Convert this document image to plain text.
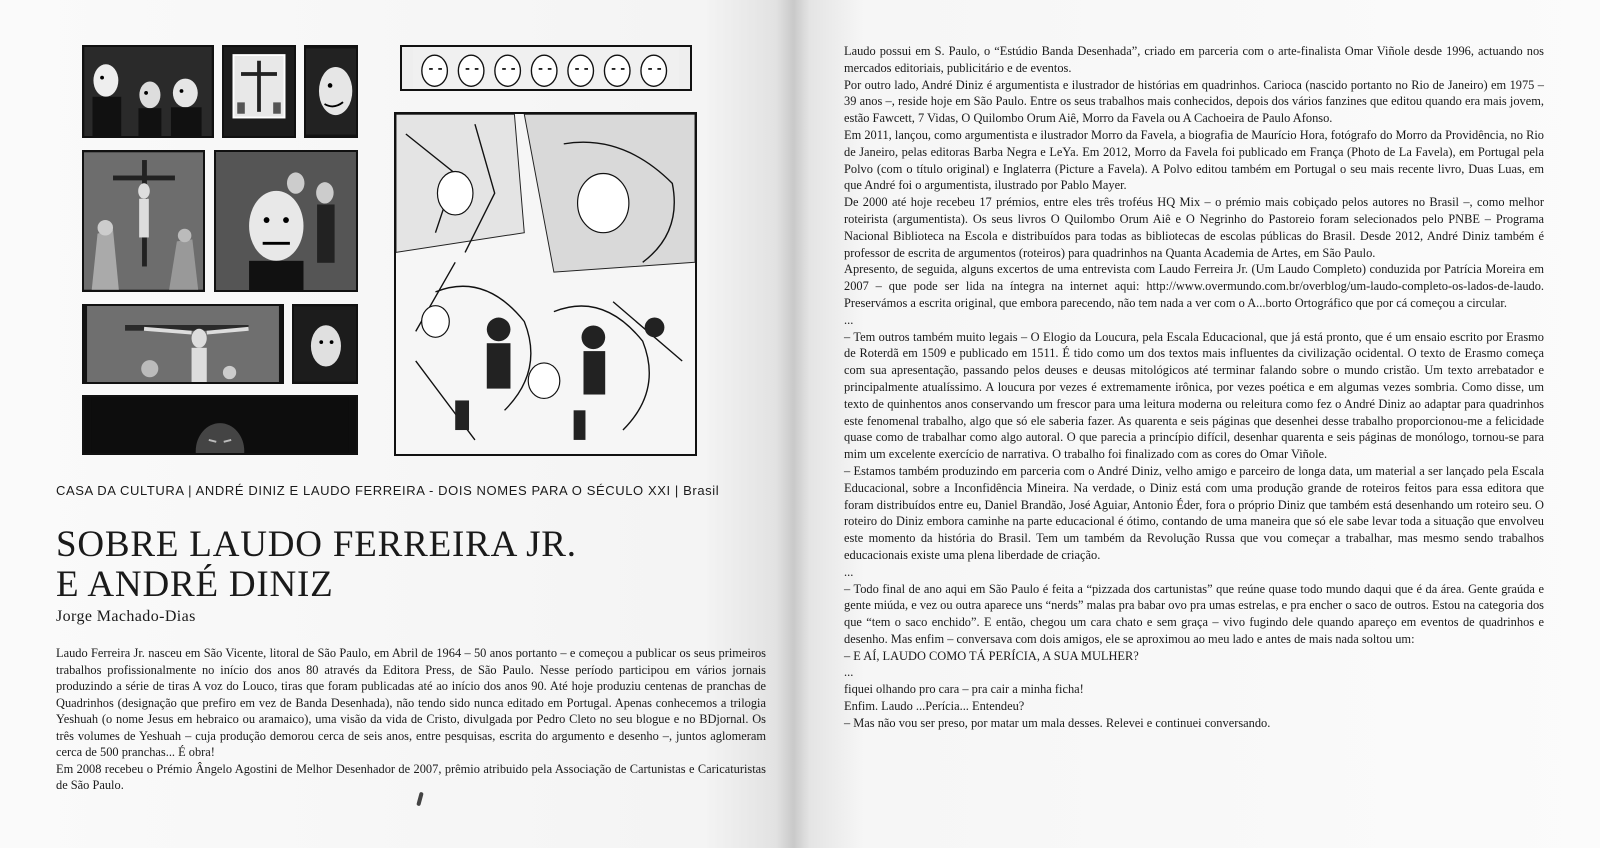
CASA DA CULTURA | ANDRÉ DINIZ E LAUDO FERREIRA - DOIS NOMES PARA O SÉCULO XXI | Brasil
SOBRE LAUDO FERREIRA JR.
E ANDRÉ DINIZ
Jorge Machado-Dias

Laudo Ferreira Jr. nasceu em São Vicente, litoral de São Paulo, em Abril de 1964 – 50 anos portanto – e começou a publicar os seus primeiros trabalhos profissionalmente no início dos anos 80 através da Editora Press, de São Paulo. Nesse período participou em vários jornais produzindo a série de tiras A voz do Louco, tiras que foram publicadas até ao início dos anos 90. Até hoje produziu centenas de pranchas de Quadrinhos (designação que prefiro em vez de Banda Desenhada), não tendo sido nunca editado em Portugal. Apenas conhecemos a trilogia Yeshuah (o nome Jesus em hebraico ou aramaico), uma visão da vida de Cristo, divulgada por Pedro Cleto no seu blogue e no BDjornal. Os três volumes de Yeshuah – cuja produção demorou cerca de seis anos, entre pesquisas, escrita do argumento e desenho –, juntos aglomeram cerca de 500 pranchas... É obra!

Em 2008 recebeu o Prémio Ângelo Agostini de Melhor Desenhador de 2007, prêmio atribuido pela Associação de Cartunistas e Caricaturistas de São Paulo.

Laudo possui em S. Paulo, o “Estúdio Banda Desenhada”, criado em parceria com o arte-finalista Omar Viñole desde 1996, actuando nos mercados editoriais, publicitário e de eventos.

Por outro lado, André Diniz é argumentista e ilustrador de histórias em quadrinhos. Carioca (nascido portanto no Rio de Janeiro) em 1975 – 39 anos –, reside hoje em São Paulo. Entre os seus trabalhos mais conhecidos, depois dos vários fanzines que editou quando era mais jovem, estão Fawcett, 7 Vidas, O Quilombo Orum Aiê, Morro da Favela ou A Cachoeira de Paulo Afonso.

Em 2011, lançou, como argumentista e ilustrador Morro da Favela, a biografia de Maurício Hora, fotógrafo do Morro da Providência, no Rio de Janeiro, pelas editoras Barba Negra e LeYa. Em 2012, Morro da Favela foi publicado em França (Photo de La Favela), em Portugal pela Polvo (com o título original) e Inglaterra (Picture a Favela). A Polvo editou também em Portugal o seu mais recente livro, Duas Luas, em que André foi o argumentista, ilustrado por Pablo Mayer.

De 2000 até hoje recebeu 17 prémios, entre eles três troféus HQ Mix – o prémio mais cobiçado pelos autores no Brasil –, como melhor roteirista (argumentista). Os seus livros O Quilombo Orum Aiê e O Negrinho do Pastoreio foram selecionados pelo PNBE – Programa Nacional Biblioteca na Escola e distribuídos para todas as bibliotecas de escolas públicas do Brasil. Desde 2012, André Diniz também é professor de escrita de argumentos (roteiros) para quadrinhos na Quanta Academia de Artes, em São Paulo.

Apresento, de seguida, alguns excertos de uma entrevista com Laudo Ferreira Jr. (Um Laudo Completo) conduzida por Patrícia Moreira em 2007 – que pode ser lida na íntegra na internet aqui: http://www.overmundo.com.br/overblog/um-laudo-completo-os-lados-de-laudo. Preservámos a escrita original, que embora parecendo, não tem nada a ver com o A...borto Ortográfico que por cá começou a circular.

...

– Tem outros também muito legais – O Elogio da Loucura, pela Escala Educacional, que já está pronto, que é um ensaio escrito por Erasmo de Roterdã em 1509 e publicado em 1511. É tido como um dos textos mais influentes da civilização ocidental. O texto de Erasmo começa com sua apresentação, passando pelos deuses e deusas mitológicos até terminar falando sobre o mundo cristão. Um texto arrebatador e principalmente atualíssimo. A loucura por vezes é extremamente irônica, por vezes poética e em algumas vezes sombria. Como disse, um texto de quinhentos anos conservando um frescor para uma leitura moderna ou releitura como fez o André Diniz ao adaptar para quadrinhos este fenomenal trabalho, algo que só ele saberia fazer. As quarenta e seis páginas que desenhei desse trabalho proporcionou-me a felicidade quase como de trabalhar como algo autoral. O que parecia a princípio difícil, desenhar quarenta e seis páginas de monólogo, tornou-se para mim um excelente exercício de narrativa. O trabalho foi finalizado com as cores do Omar Viñole.

– Estamos também produzindo em parceria com o André Diniz, velho amigo e parceiro de longa data, um material a ser lançado pela Escala Educacional, sobre a Inconfidência Mineira. Na verdade, o Diniz está com uma produção grande de roteiros feitos para essa editora que foram distribuídos entre eu, Daniel Brandão, José Aguiar, Antonio Éder, fora o próprio Diniz que também está desenhando um roteiro seu. O roteiro do Diniz embora caminhe na parte educacional é ótimo, contando de uma maneira que só ele sabe levar toda a situação que envolveu este momento da história do Brasil. Tem um também da Revolução Russa que vou começar a trabalhar, mas mesmo sendo trabalhos educacionais existe uma plena liberdade de criação.

...

– Todo final de ano aqui em São Paulo é feita a “pizzada dos cartunistas” que reúne quase todo mundo daqui que é da área. Gente graúda e gente miúda, e vez ou outra aparece uns “nerds” malas pra babar ovo pra umas estrelas, e pra encher o saco de outros. Estou na categoria dos que “tem o saco enchido”. E então, chegou um cara chato e sem graça – vivo fugindo dele quando apareço em eventos de quadrinhos e desenho. Mas enfim – conversava com dois amigos, ele se aproximou ao meu lado e antes de mais nada soltou um:

– E AÍ, LAUDO COMO TÁ PERÍCIA, A SUA MULHER?

...

fiquei olhando pro cara – pra cair a minha ficha!

Enfim. Laudo ...Perícia... Entendeu?

– Mas não vou ser preso, por matar um mala desses. Relevei e continuei conversando.
